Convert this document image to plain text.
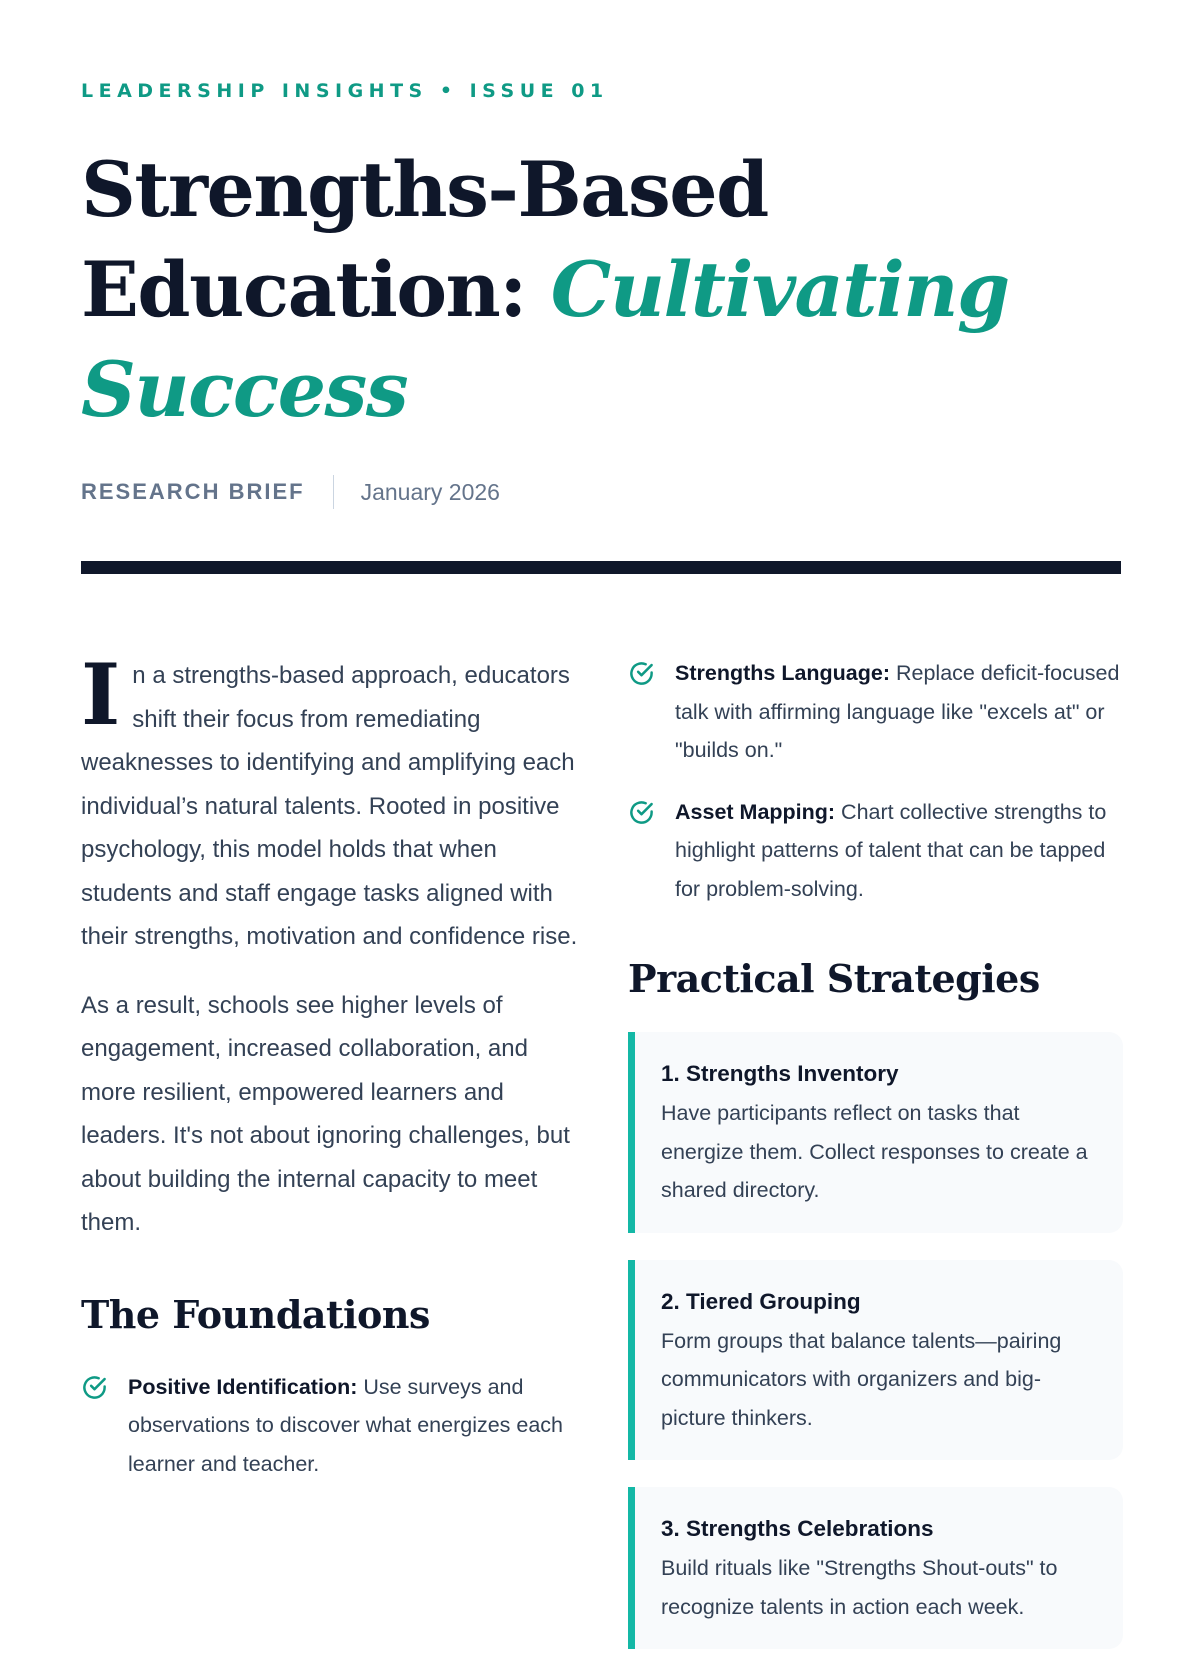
LEADERSHIP INSIGHTS • ISSUE 01
Strengths-Based Education: Cultivating Success
RESEARCH BRIEF January 2026

In a strengths-based approach, educators shift their focus from remediating weaknesses to identifying and amplifying each individual’s natural talents. Rooted in positive psychology, this model holds that when students and staff engage tasks aligned with their strengths, motivation and confidence rise.

As a result, schools see higher levels of engagement, increased collaboration, and more resilient, empowered learners and leaders. It's not about ignoring challenges, but about building the internal capacity to meet them.

The Foundations
Positive Identification: Use surveys and observations to discover what energizes each learner and teacher.
Strengths Language: Replace deficit-focused talk with affirming language like "excels at" or "builds on."
Asset Mapping: Chart collective strengths to highlight patterns of talent that can be tapped for problem-solving.
Practical Strategies
1. Strengths Inventory
Have participants reflect on tasks that energize them. Collect responses to create a shared directory.
2. Tiered Grouping
Form groups that balance talents—pairing communicators with organizers and big-picture thinkers.
3. Strengths Celebrations
Build rituals like "Strengths Shout-outs" to recognize talents in action each week.
